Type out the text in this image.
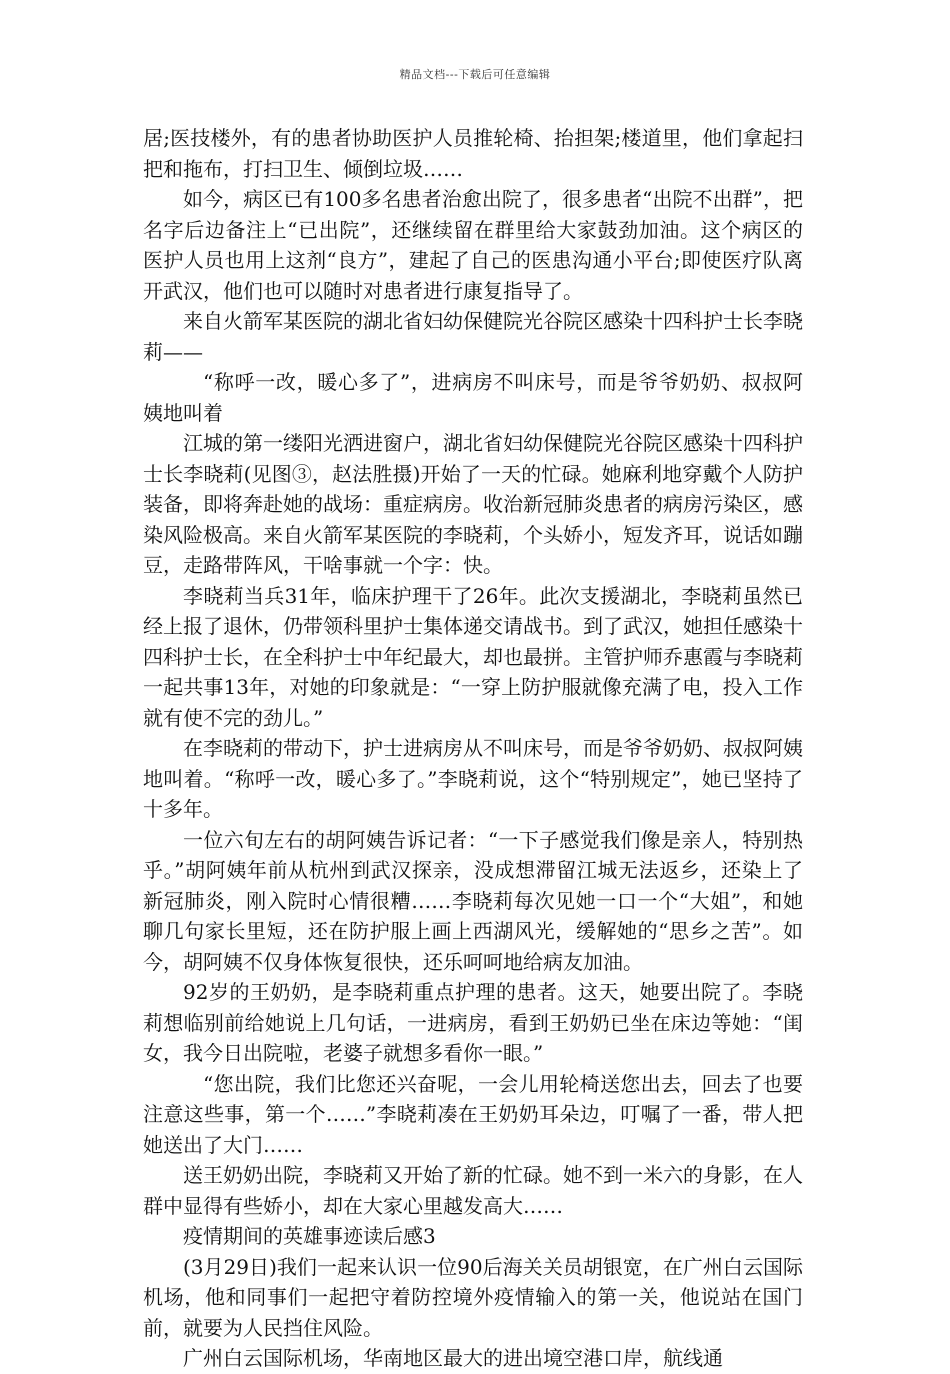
精品文档---下载后可任意编辑

居;医技楼外，有的患者协助医护人员推轮椅、抬担架;楼道里，他们拿起扫把和拖布，打扫卫生、倾倒垃圾……

如今，病区已有100多名患者治愈出院了，很多患者“出院不出群”，把名字后边备注上“已出院”，还继续留在群里给大家鼓劲加油。这个病区的医护人员也用上这剂“良方”，建起了自己的医患沟通小平台;即使医疗队离开武汉，他们也可以随时对患者进行康复指导了。

来自火箭军某医院的湖北省妇幼保健院光谷院区感染十四科护士长李晓莉——

“称呼一改，暖心多了”，进病房不叫床号，而是爷爷奶奶、叔叔阿姨地叫着

江城的第一缕阳光洒进窗户，湖北省妇幼保健院光谷院区感染十四科护士长李晓莉(见图③，赵法胜摄)开始了一天的忙碌。她麻利地穿戴个人防护装备，即将奔赴她的战场：重症病房。收治新冠肺炎患者的病房污染区，感染风险极高。来自火箭军某医院的李晓莉，个头娇小，短发齐耳，说话如蹦豆，走路带阵风，干啥事就一个字：快。

李晓莉当兵31年，临床护理干了26年。此次支援湖北，李晓莉虽然已经上报了退休，仍带领科里护士集体递交请战书。到了武汉，她担任感染十四科护士长，在全科护士中年纪最大，却也最拼。主管护师乔惠霞与李晓莉一起共事13年，对她的印象就是：“一穿上防护服就像充满了电，投入工作就有使不完的劲儿。”

在李晓莉的带动下，护士进病房从不叫床号，而是爷爷奶奶、叔叔阿姨地叫着。“称呼一改，暖心多了。”李晓莉说，这个“特别规定”，她已坚持了十多年。

一位六旬左右的胡阿姨告诉记者：“一下子感觉我们像是亲人，特别热乎。”胡阿姨年前从杭州到武汉探亲，没成想滞留江城无法返乡，还染上了新冠肺炎，刚入院时心情很糟……李晓莉每次见她一口一个“大姐”，和她聊几句家长里短，还在防护服上画上西湖风光，缓解她的“思乡之苦”。如今，胡阿姨不仅身体恢复很快，还乐呵呵地给病友加油。

92岁的王奶奶，是李晓莉重点护理的患者。这天，她要出院了。李晓莉想临别前给她说上几句话，一进病房，看到王奶奶已坐在床边等她：“闺女，我今日出院啦，老婆子就想多看你一眼。”

“您出院，我们比您还兴奋呢，一会儿用轮椅送您出去，回去了也要注意这些事，第一个……”李晓莉凑在王奶奶耳朵边，叮嘱了一番，带人把她送出了大门……

送王奶奶出院，李晓莉又开始了新的忙碌。她不到一米六的身影，在人群中显得有些娇小，却在大家心里越发高大……

疫情期间的英雄事迹读后感3

(3月29日)我们一起来认识一位90后海关关员胡银宽，在广州白云国际机场，他和同事们一起把守着防控境外疫情输入的第一关，他说站在国门前，就要为人民挡住风险。

广州白云国际机场，华南地区最大的进出境空港口岸，航线通
